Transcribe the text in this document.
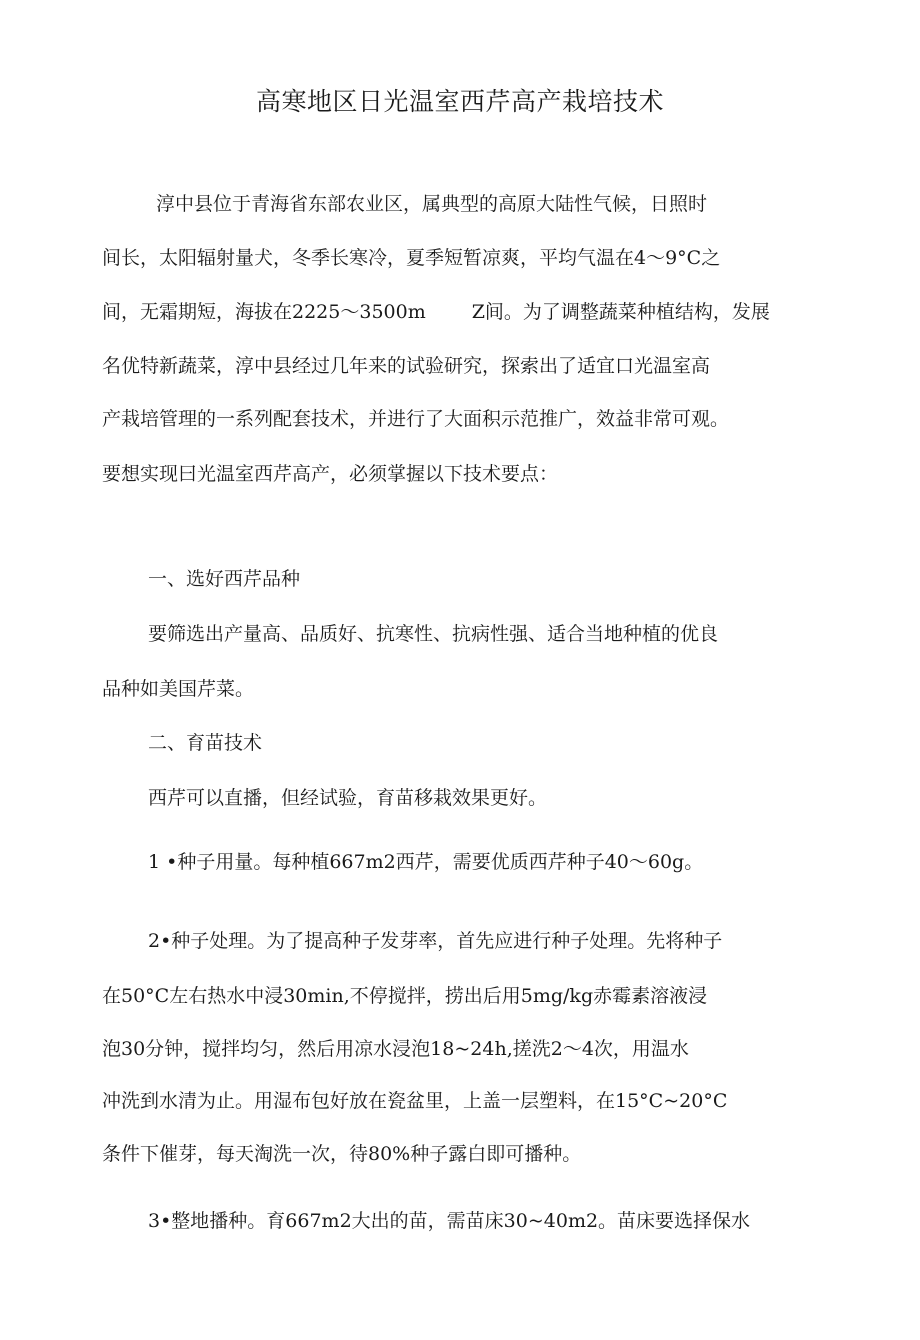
高寒地区日光温室西芹高产栽培技术
淳中县位于青海省东部农业区，属典型的高原大陆性气候，日照时
间长，太阳辐射量犬，冬季长寒冷，夏季短暂凉爽，平均气温在4〜9°C之
间，无霜期短，海拔在2225〜3500m Z间。为了调整蔬菜种植结构，发展
名优特新蔬菜，淳中县经过几年来的试验研究，探索出了适宜口光温室高
产栽培管理的一系列配套技术，并进行了大面积示范推广，效益非常可观。
要想实现曰光温室西芹高产，必须掌握以下技术要点：
一、选好西芹品种
要筛选出产量高、品质好、抗寒性、抗病性强、适合当地种植的优良
品种如美国芹菜。
二、育苗技术
西芹可以直播，但经试验，育苗移栽效果更好。
1 •种子用量。每种植667m2西芹，需要优质西芹种子40〜60g。
2•种子处理。为了提高种子发芽率，首先应进行种子处理。先将种子
在50°C左右热水中浸30min,不停搅拌，捞出后用5mg/kg赤霉素溶液浸
泡30分钟，搅拌均匀，然后用凉水浸泡18~24h,搓洗2〜4次，用温水
冲洗到水清为止。用湿布包好放在瓷盆里，上盖一层塑料，在15°C~20°C
条件下催芽，每天淘洗一次，待80%种子露白即可播种。
3•整地播种。育667m2大出的苗，需苗床30~40m2。苗床要选择保水
